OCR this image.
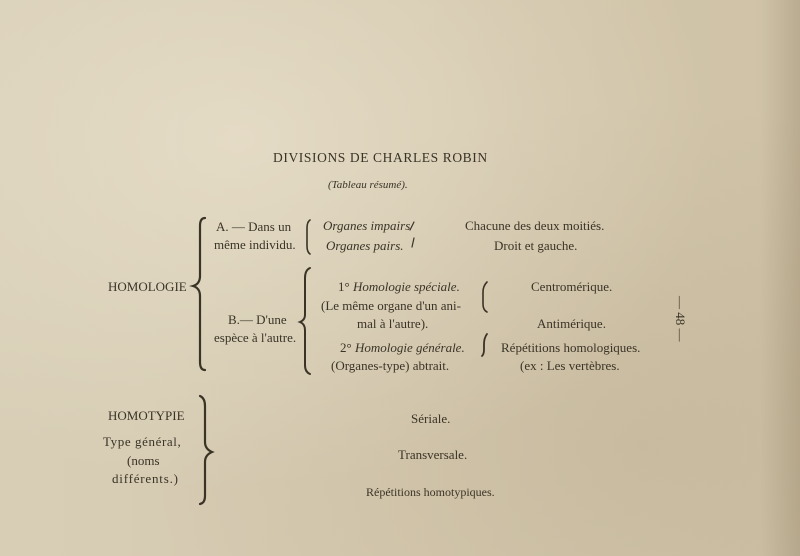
DIVISIONS DE CHARLES ROBIN
(Tableau résumé).
HOMOLOGIE
A. — Dans un
même individu.
Organes impairs
Organes pairs.
Chacune des deux moitiés.
Droit et gauche.
B.— D'une
espèce à l'autre.
1° Homologie spéciale.
(Le même organe d'un ani-
mal à l'autre).
2° Homologie générale.
(Organes-type) abtrait.
Centromérique.
Antimérique.
Répétitions homologiques.
(ex : Les vertèbres.
HOMOTYPIE
Type général,
(noms
différents.)
Sériale.
Transversale.
Répétitions homotypiques.
— 48 —
